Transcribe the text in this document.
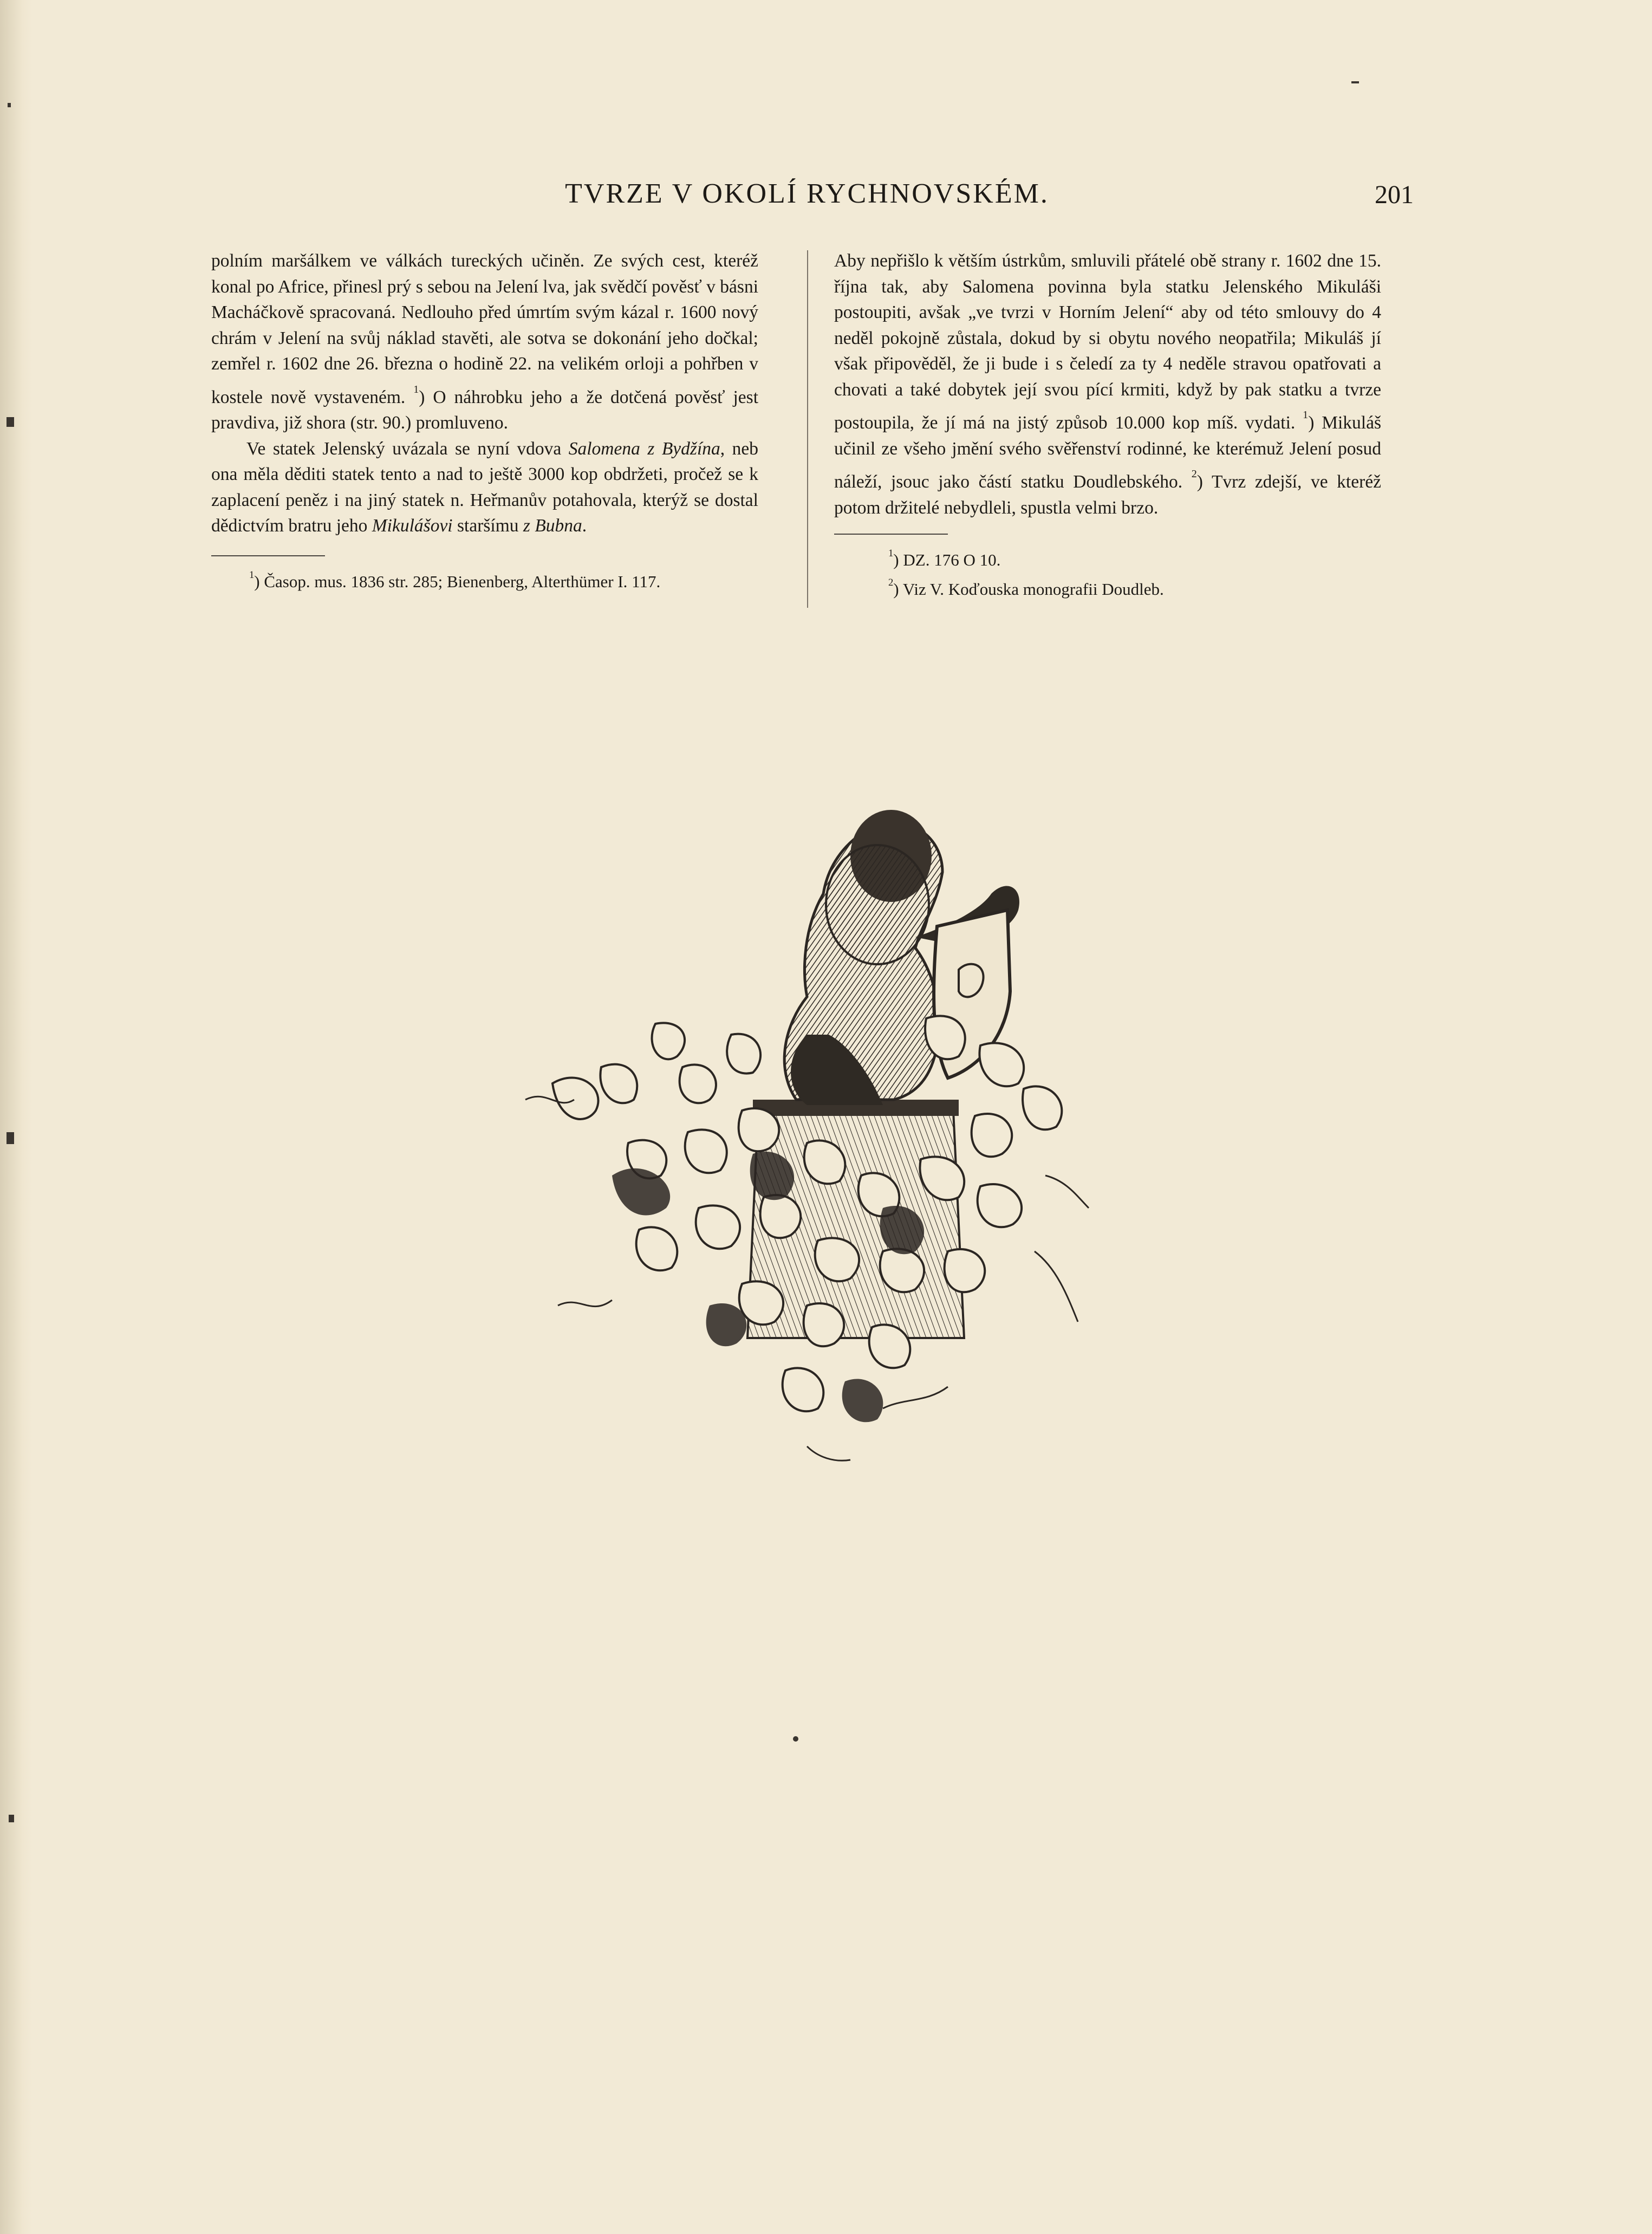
TVRZE V OKOLÍ RYCHNOVSKÉM.	201

polním maršálkem ve válkách tureckých učiněn. Ze svých cest, kteréž konal po Africe, přinesl prý s sebou na Jelení lva, jak svědčí pověsť v básni Macháčkově spracovaná. Nedlouho před úmrtím svým kázal r. 1600 nový chrám v Jelení na svůj náklad stavěti, ale sotva se dokonání jeho dočkal; zemřel r. 1602 dne 26. března o hodině 22. na velikém orloji a pohřben v kostele nově vystaveném. $^1$) O náhrobku jeho a že dotčená pověsť jest pravdiva, již shora (str. 90.) promluveno.

Ve statek Jelenský uvázala se nyní vdova Salomena z Bydžína, neb ona měla děditi statek tento a nad to ještě 3000 kop obdržeti, pročež se k zaplacení peněz i na jiný statek n. Heřmanův potahovala, kterýž se dostal dědictvím bratru jeho Mikulášovi staršímu z Bubna.

$^1$) Časop. mus. 1836 str. 285; Bienenberg, Alterthümer I. 117.

Aby nepřišlo k větším ústrkům, smluvili přátelé obě strany r. 1602 dne 15. října tak, aby Salomena povinna byla statku Jelenského Mikuláši postoupiti, avšak „ve tvrzi v Horním Jelení“ aby od této smlouvy do 4 neděl pokojně zůstala, dokud by si obytu nového neopatřila; Mikuláš jí však připověděl, že ji bude i s čeledí za ty 4 neděle stravou opatřovati a chovati a také dobytek její svou pící krmiti, když by pak statku a tvrze postoupila, že jí má na jistý způsob 10.000 kop míš. vydati. $^1$) Mikuláš učinil ze všeho jmění svého svěřenství rodinné, ke kterémuž Jelení posud náleží, jsouc jako částí statku Doudlebského. $^2$) Tvrz zdejší, ve kteréž potom držitelé nebydleli, spustla velmi brzo.

$^1$) DZ. 176 O 10.

$^2$) Viz V. Koďouska monografii Doudleb.
